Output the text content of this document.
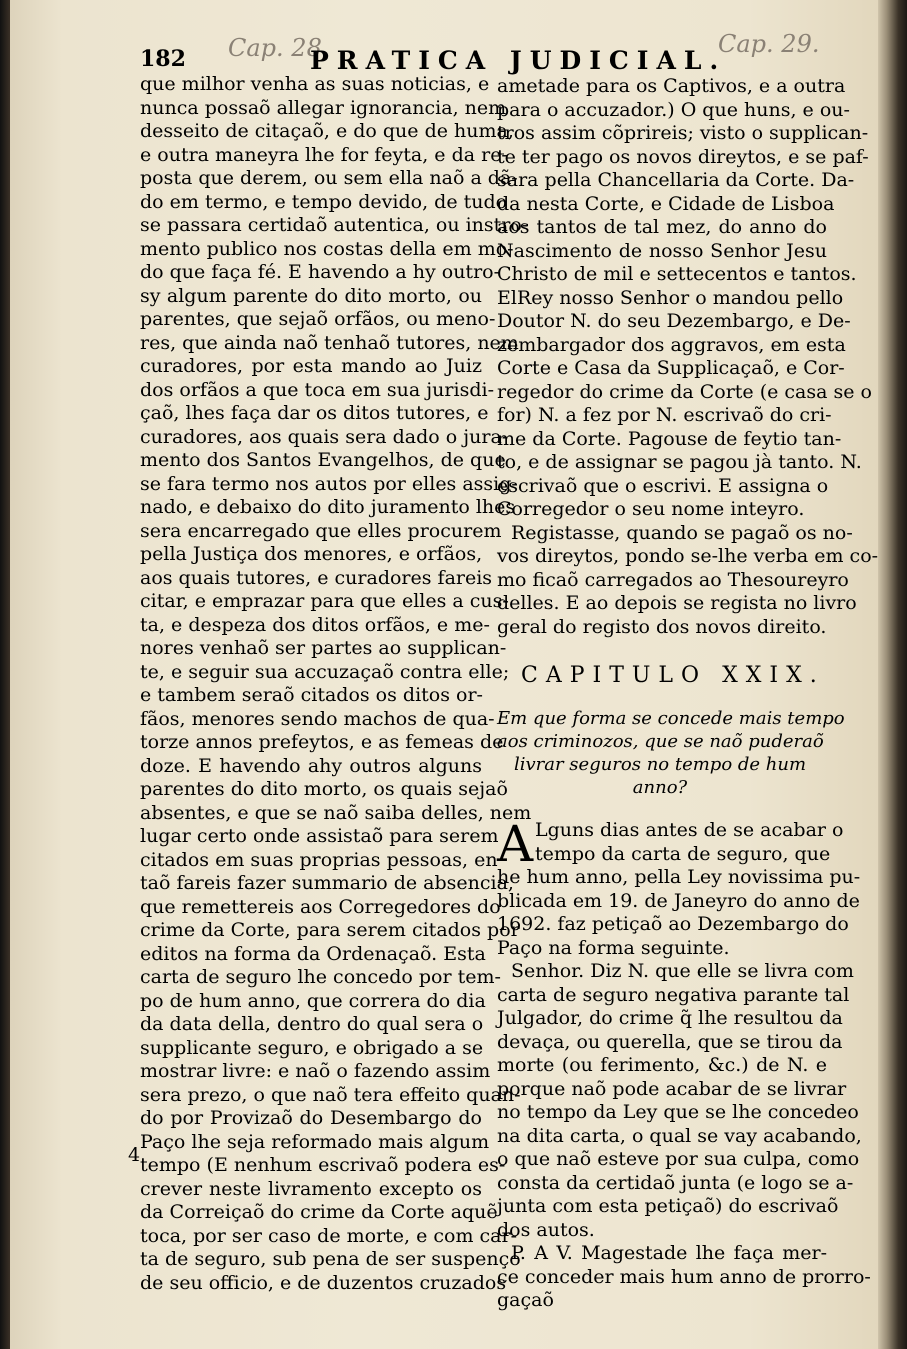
182 Cap. 28.
PRATICA JUDICIAL.
Cap. 29.
que milhor venha as suas noticias, e
nunca possaõ allegar ignorancia, nem
desseito de citaçaõ, e do que de huma,
e outra maneyra lhe for feyta, e da re-
posta que derem, ou sem ella naõ a dã-
do em termo, e tempo devido, de tudo
se passara certidaõ autentica, ou instro-
mento publico nos costas della em mo-
do que faça fé. E havendo a hy outro-
sy algum parente do dito morto, ou
parentes, que sejaõ orfãos, ou meno-
res, que ainda naõ tenhaõ tutores, nem
curadores, por esta mando ao Juiz
dos orfãos a que toca em sua jurisdi-
çaõ, lhes faça dar os ditos tutores, e
curadores, aos quais sera dado o jura-
mento dos Santos Evangelhos, de que
se fara termo nos autos por elles assig-
nado, e debaixo do dito juramento lhes
sera encarregado que elles procurem
pella Justiça dos menores, e orfãos,
aos quais tutores, e curadores fareis
citar, e emprazar para que elles a cus-
ta, e despeza dos ditos orfãos, e me-
nores venhaõ ser partes ao supplican-
te, e seguir sua accuzaçaõ contra elle;
e tambem seraõ citados os ditos or-
fãos, menores sendo machos de qua-
torze annos prefeytos, e as femeas de
doze. E havendo ahy outros alguns
parentes do dito morto, os quais sejaõ
absentes, e que se naõ saiba delles, nem
lugar certo onde assistaõ para serem
citados em suas proprias pessoas, en
taõ fareis fazer summario de absencia,
que remettereis aos Corregedores do
crime da Corte, para serem citados por
editos na forma da Ordenaçaõ. Esta
carta de seguro lhe concedo por tem-
po de hum anno, que correra do dia
da data della, dentro do qual sera o
supplicante seguro, e obrigado a se
mostrar livre: e naõ o fazendo assim
sera prezo, o que naõ tera effeito quan-
do por Provizaõ do Desembargo do
Paço lhe seja reformado mais algum
tempo (E nenhum escrivaõ podera es-
crever neste livramento excepto os
da Correiçaõ do crime da Corte aquẽ
toca, por ser caso de morte, e com car-
ta de seguro, sub pena de ser suspenço
de seu officio, e de duzentos cruzados
4
ametade para os Captivos, e a outra
para o accuzador.) O que huns, e ou-
tros assim cõprireis; visto o supplican-
te ter pago os novos direytos, e se paf-
sara pella Chancellaria da Corte. Da-
da nesta Corte, e Cidade de Lisboa
aos tantos de tal mez, do anno do
Nascimento de nosso Senhor Jesu
Christo de mil e settecentos e tantos.
ElRey nosso Senhor o mandou pello
Doutor N. do seu Dezembargo, e De-
zembargador dos aggravos, em esta
Corte e Casa da Supplicaçaõ, e Cor-
regedor do crime da Corte (e casa se o
for) N. a fez por N. escrivaõ do cri-
me da Corte. Pagouse de feytio tan-
to, e de assignar se pagou jà tanto. N.
escrivaõ que o escrivi. E assigna o
Corregedor o seu nome inteyro.
Registasse, quando se pagaõ os no-
vos direytos, pondo se-lhe verba em co-
mo ficaõ carregados ao Thesoureyro
delles. E ao depois se regista no livro
geral do registo dos novos direito.
CAPITULO XXIX.
Em que forma se concede mais tempo
aos criminozos, que se naõ puderaõ
livrar seguros no tempo de hum
anno?
A Lguns dias antes de se acabar o
tempo da carta de seguro, que
he hum anno, pella Ley novissima pu-
blicada em 19. de Janeyro do anno de
1692. faz petiçaõ ao Dezembargo do
Paço na forma seguinte.
Senhor. Diz N. que elle se livra com
carta de seguro negativa parante tal
Julgador, do crime q̃ lhe resultou da
devaça, ou querella, que se tirou da
morte (ou ferimento, &c.) de N. e
porque naõ pode acabar de se livrar
no tempo da Ley que se lhe concedeo
na dita carta, o qual se vay acabando,
o que naõ esteve por sua culpa, como
consta da certidaõ junta (e logo se a-
junta com esta petiçaõ) do escrivaõ
dos autos.
P. A V. Magestade lhe faça mer-
ce conceder mais hum anno de prorro-
gaçaõ
